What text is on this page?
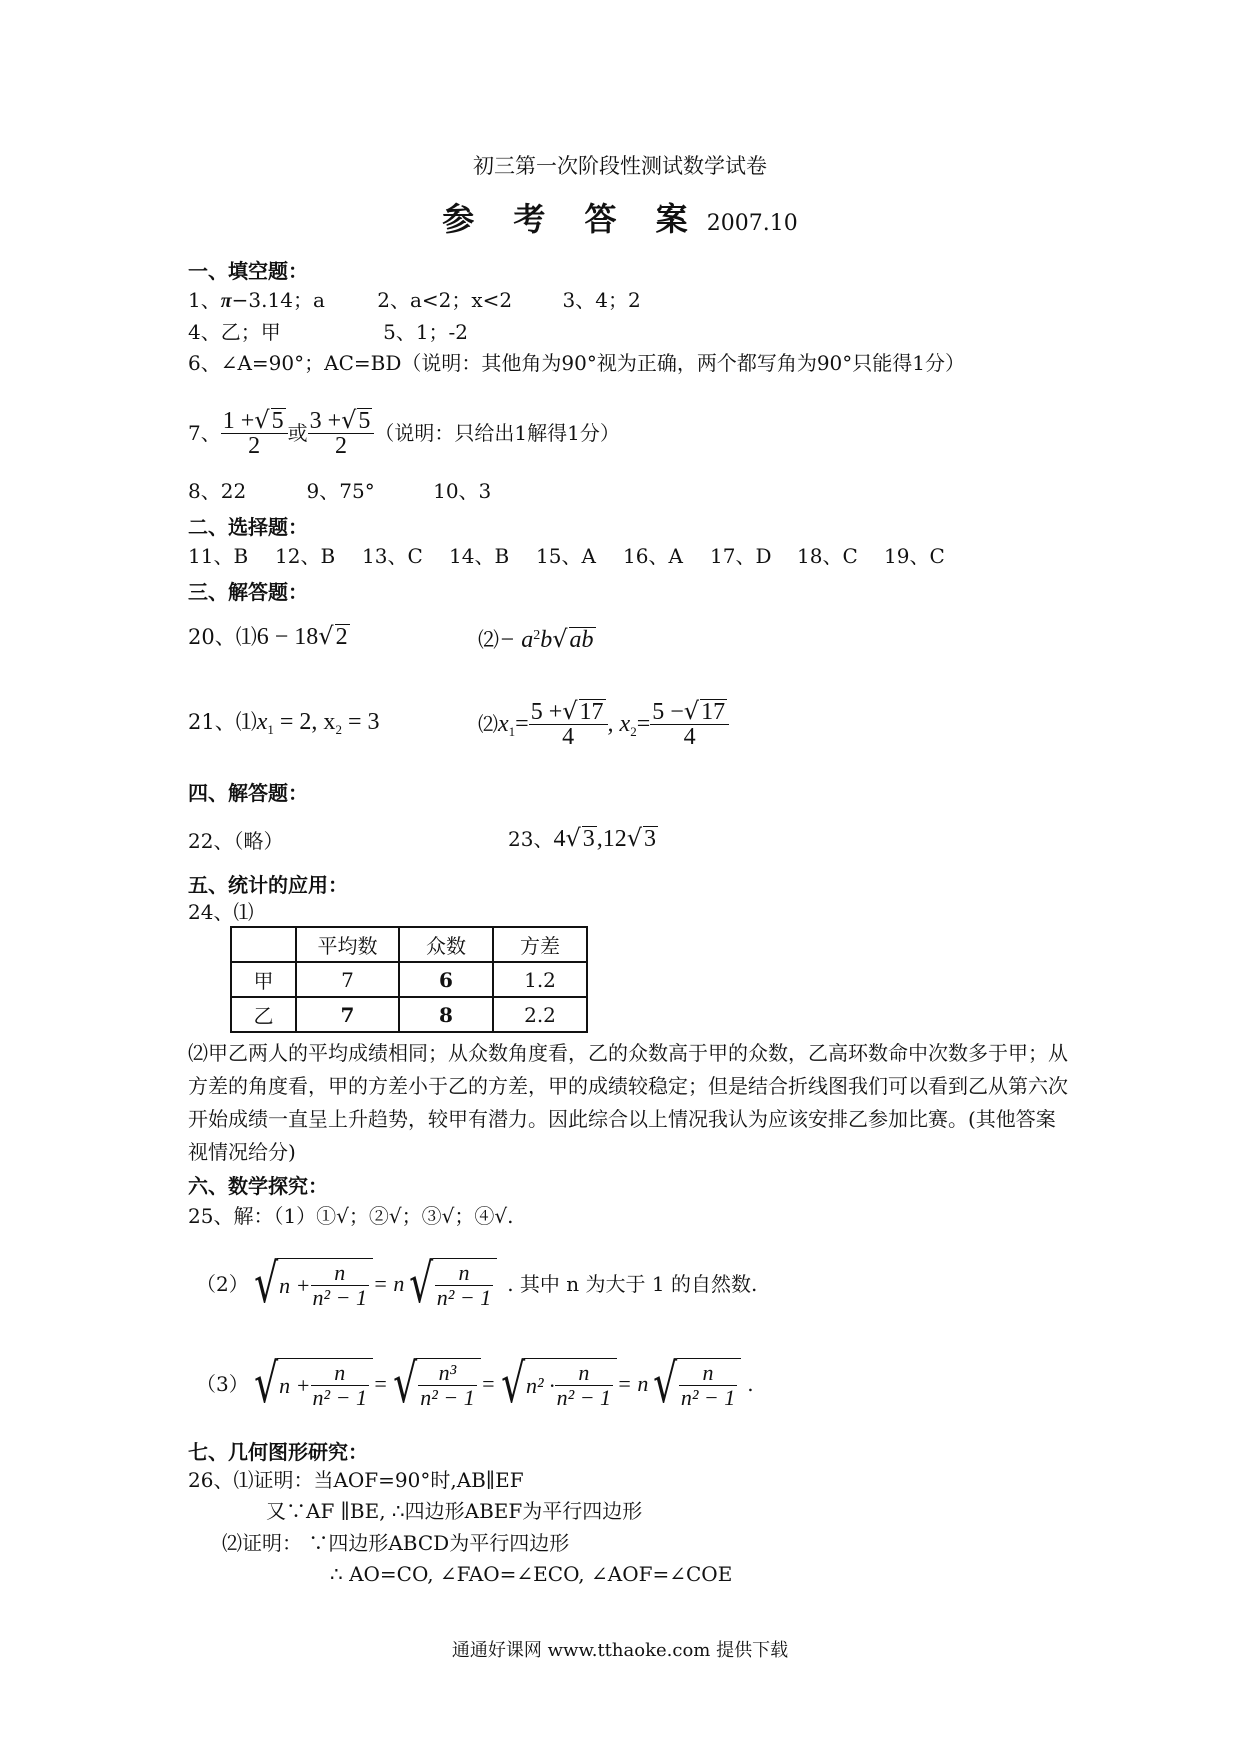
初三第一次阶段性测试数学试卷
参 考 答 案 2007.10
一、填空题：
1、π−3.14；a	2、a<2；x<2	3、4；2
4、乙；甲	5、1；-2
6、∠A=90°；AC=BD（说明：其他角为90°视为正确，两个都写角为90°只能得1分）
7、 $\frac{1 +√5}{2}$ 或 $\frac{3 +√5}{2}$ （说明：只给出1解得1分）
8、22	9、75°	10、3
二、选择题：
11、B	12、B	13、C	14、B	15、A	16、A	17、D	18、C	19、C
三、解答题：
20、⑴6 − 18√2	⑵− $a^2b√ab$
21、$⑴x_1 = 2$, $x_2 = 3$	⑵ $x_1 = \frac{5 +√17}{4}$ , $x_2 = \frac{5 -√17}{4}$
四、解答题：
22、（略）	23、4√3,12√3
五、统计的应用：
24、⑴
	平均数	众数	方差
甲	7	6	1.2
乙	7	8	2.2
⑵甲乙两人的平均成绩相同；从众数角度看，乙的众数高于甲的众数，乙高环数命中次数多于甲；从方差的角度看，甲的方差小于乙的方差，甲的成绩较稳定；但是结合折线图我们可以看到乙从第六次开始成绩一直呈上升趋势，较甲有潜力。因此综合以上情况我认为应该安排乙参加比赛。(其他答案视情况给分)
六、数学探究：
25、解：（1）①√；②√；③√；④√.
（2） √ $n + \frac{n}{\text{n² − 1}} = n$ √ $\frac{n}{\text{n² − 1}}$ . 其中 n 为大于 1 的自然数.
（3） √ $n + \frac{n}{\text{n² − 1}}$ = √ $\frac{\text{n³}}{\text{n² − 1}}$ = √ $n^2 \cdot \frac{n}{\text{n² − 1}} = n$ √ $\frac{n}{\text{n² − 1}}$ .
七、几何图形研究：
26、⑴证明：当AOF=90°时,AB∥EF
又∵AF ∥BE, ∴四边形ABEF为平行四边形
⑵证明： ∵四边形ABCD为平行四边形
∴ AO=CO, ∠FAO=∠ECO, ∠AOF=∠COE
通通好课网 www.tthaoke.com 提供下载
